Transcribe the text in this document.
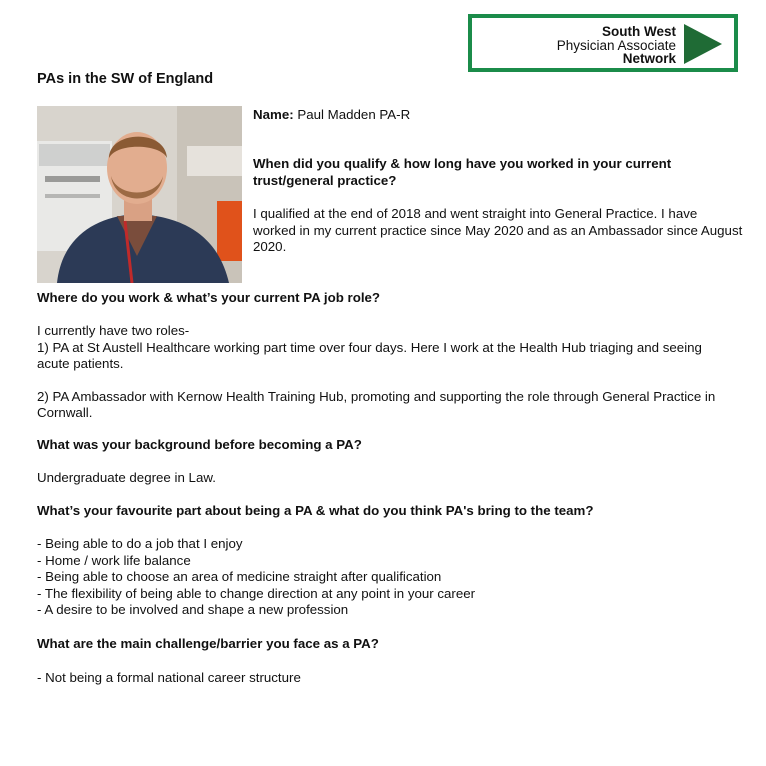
South West
Physician Associate
Network
PAs in the SW of England
Name: Paul Madden PA-R
When did you qualify & how long have you worked in your current trust/general practice?
I qualified at the end of 2018 and went straight into General Practice. I have worked in my current practice since May 2020 and as an Ambassador since August 2020.
Where do you work & what’s your current PA job role?

I currently have two roles-

1) PA at St Austell Healthcare working part time over four days. Here I work at the Health Hub triaging and seeing acute patients.

2) PA Ambassador with Kernow Health Training Hub, promoting and supporting the role through General Practice in Cornwall.

What was your background before becoming a PA?
Undergraduate degree in Law.
What’s your favourite part about being a PA & what do you think PA's bring to the team?
- Being able to do a job that I enjoy
- Home / work life balance
- Being able to choose an area of medicine straight after qualification
- The flexibility of being able to change direction at any point in your career
- A desire to be involved and shape a new profession
What are the main challenge/barrier you face as a PA?
- Not being a formal national career structure
